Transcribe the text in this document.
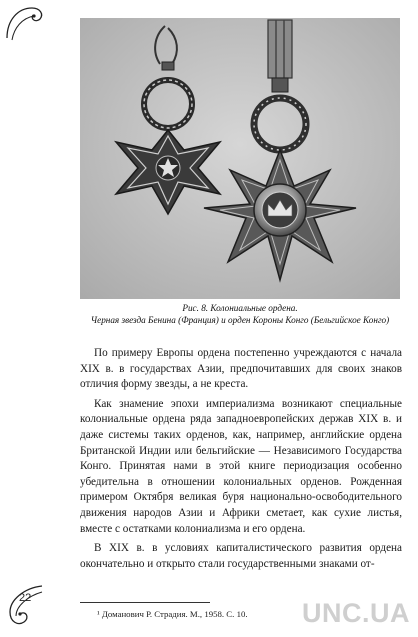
Рис. 8. Колониальные ордена.
Черная звезда Бенина (Франция) и орден Короны Конго (Бельгийское Конго)

По примеру Европы ордена постепенно учреждаются с начала XIX в. в государствах Азии, предпочитавших для своих знаков отличия форму звезды, а не креста.

Как знамение эпохи империализма возникают специальные колониальные ордена ряда западноевропейских держав XIX в. и даже системы таких орденов, как, например, английские ордена Британской Индии или бельгийские — Независимого Государства Конго. Принятая нами в этой книге периодизация особенно убедительна в отношении колониальных орденов. Рожденная примером Октября великая буря национально-освободительного движения народов Азии и Африки сметает, как сухие листья, вместе с остатками колониализма и его ордена.

В XIX в. в условиях капиталистического развития ордена окончательно и открыто стали государственными знаками от-

22
¹ Доманович Р. Страдия. М., 1958. С. 10. UNC.UA
